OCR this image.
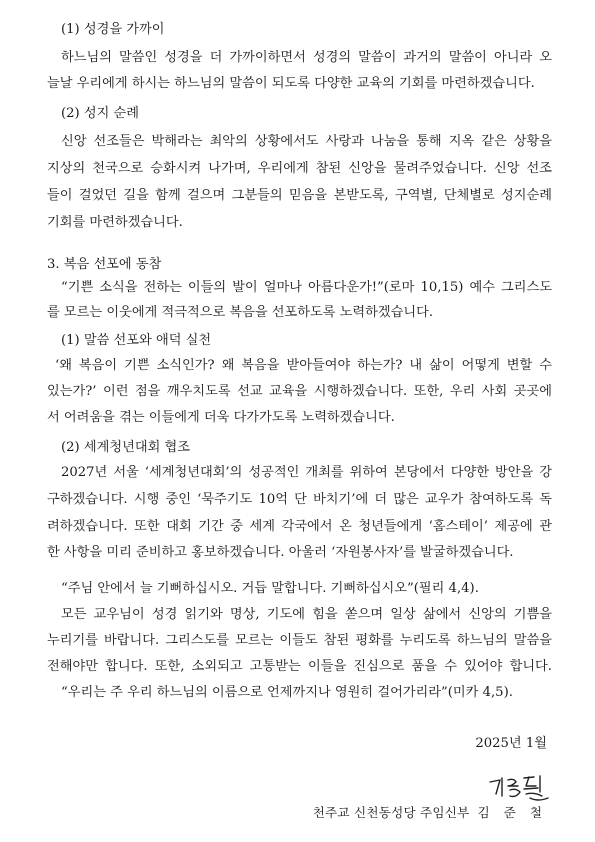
(1) 성경을 가까이
하느님의 말씀인 성경을 더 가까이하면서 성경의 말씀이 과거의 말씀이 아니라 오
늘날 우리에게 하시는 하느님의 말씀이 되도록 다양한 교육의 기회를 마련하겠습니다.
(2) 성지 순례
신앙 선조들은 박해라는 최악의 상황에서도 사랑과 나눔을 통해 지옥 같은 상황을
지상의 천국으로 승화시켜 나가며, 우리에게 참된 신앙을 물려주었습니다. 신앙 선조
들이 걸었던 길을 함께 걸으며 그분들의 믿음을 본받도록, 구역별, 단체별로 성지순례
기회를 마련하겠습니다.
3. 복음 선포에 동참
“기쁜 소식을 전하는 이들의 발이 얼마나 아름다운가!”(로마 10,15) 예수 그리스도
를 모르는 이웃에게 적극적으로 복음을 선포하도록 노력하겠습니다.
(1) 말씀 선포와 애덕 실천
‘왜 복음이 기쁜 소식인가? 왜 복음을 받아들여야 하는가? 내 삶이 어떻게 변할 수
있는가?’ 이런 점을 깨우치도록 선교 교육을 시행하겠습니다. 또한, 우리 사회 곳곳에
서 어려움을 겪는 이들에게 더욱 다가가도록 노력하겠습니다.
(2) 세계청년대회 협조
2027년 서울 ‘세계청년대회’의 성공적인 개최를 위하여 본당에서 다양한 방안을 강
구하겠습니다. 시행 중인 ‘묵주기도 10억 단 바치기’에 더 많은 교우가 참여하도록 독
려하겠습니다. 또한 대회 기간 중 세계 각국에서 온 청년들에게 ‘홈스테이’ 제공에 관
한 사항을 미리 준비하고 홍보하겠습니다. 아울러 ‘자원봉사자’를 발굴하겠습니다.
“주님 안에서 늘 기뻐하십시오. 거듭 말합니다. 기뻐하십시오”(필리 4,4).
모든 교우님이 성경 읽기와 명상, 기도에 힘을 쏟으며 일상 삶에서 신앙의 기쁨을
누리기를 바랍니다. 그리스도를 모르는 이들도 참된 평화를 누리도록 하느님의 말씀을
전해야만 합니다. 또한, 소외되고 고통받는 이들을 진심으로 품을 수 있어야 합니다.
“우리는 주 우리 하느님의 이름으로 언제까지나 영원히 걸어가리라”(미카 4,5).
2025년 1월
천주교 신천동성당 주임신부 김 준 철
